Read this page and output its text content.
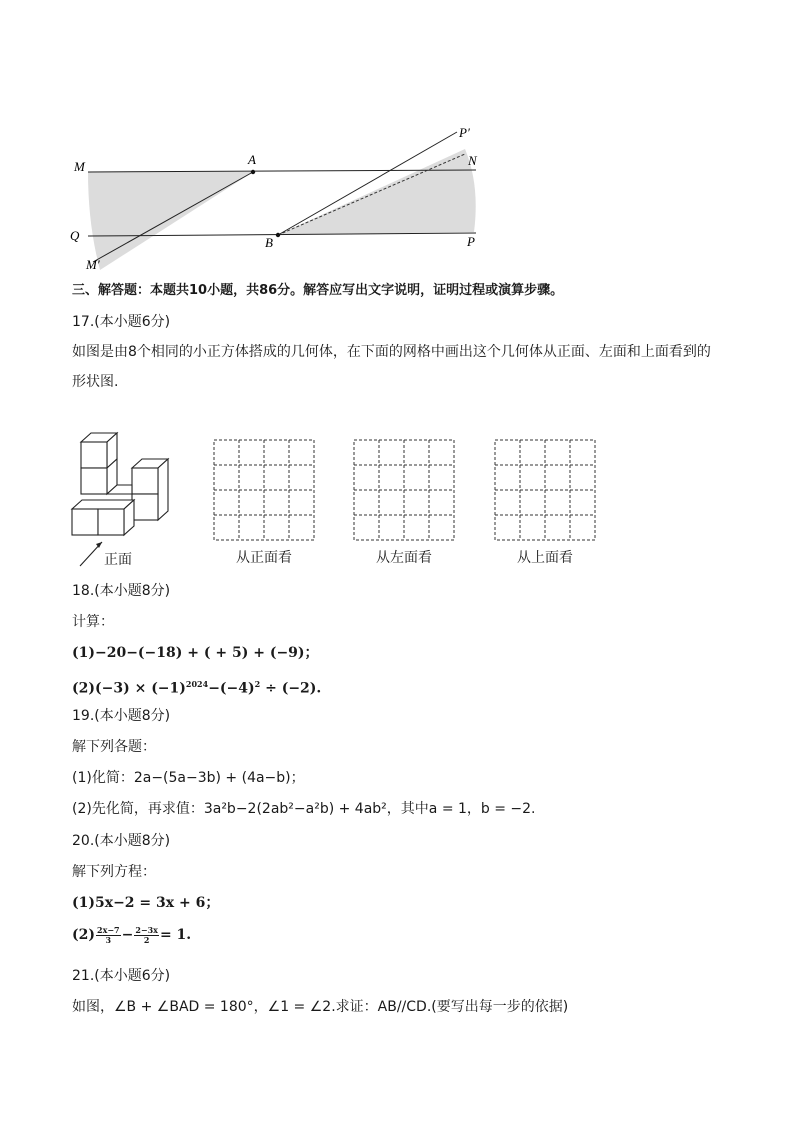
M	A
P′
N
Q	B	P
M′
三、解答题：本题共10小题，共86分。解答应写出文字说明，证明过程或演算步骤。
17.(本小题6分)
如图是由8个相同的小正方体搭成的几何体，在下面的网格中画出这个几何体从正面、左面和上面看到的
形状图.
正面	从正面看	从左面看	从上面看
18.(本小题8分)
计算：
(1)−20−(−18) + ( + 5) + (−9)；
$(2)(-3) \times (-1)^{2024}-(-4)^2 \div (-2)$.
19.(本小题8分)
解下列各题：
(1)化简：2a−(5a−3b) + (4a−b)；
(2)先化简，再求值：3a²b−2(2ab²−a²b) + 4ab²，其中a = 1，b = −2.
20.(本小题8分)
解下列方程：
(1)5x−2 = 3x + 6；
$(2) \frac{2x-7}{3} - \frac{2-3x}{2} = 1$.
21.(本小题6分)
如图，∠B + ∠BAD = 180°，∠1 = ∠2.求证：AB//CD.(要写出每一步的依据)
